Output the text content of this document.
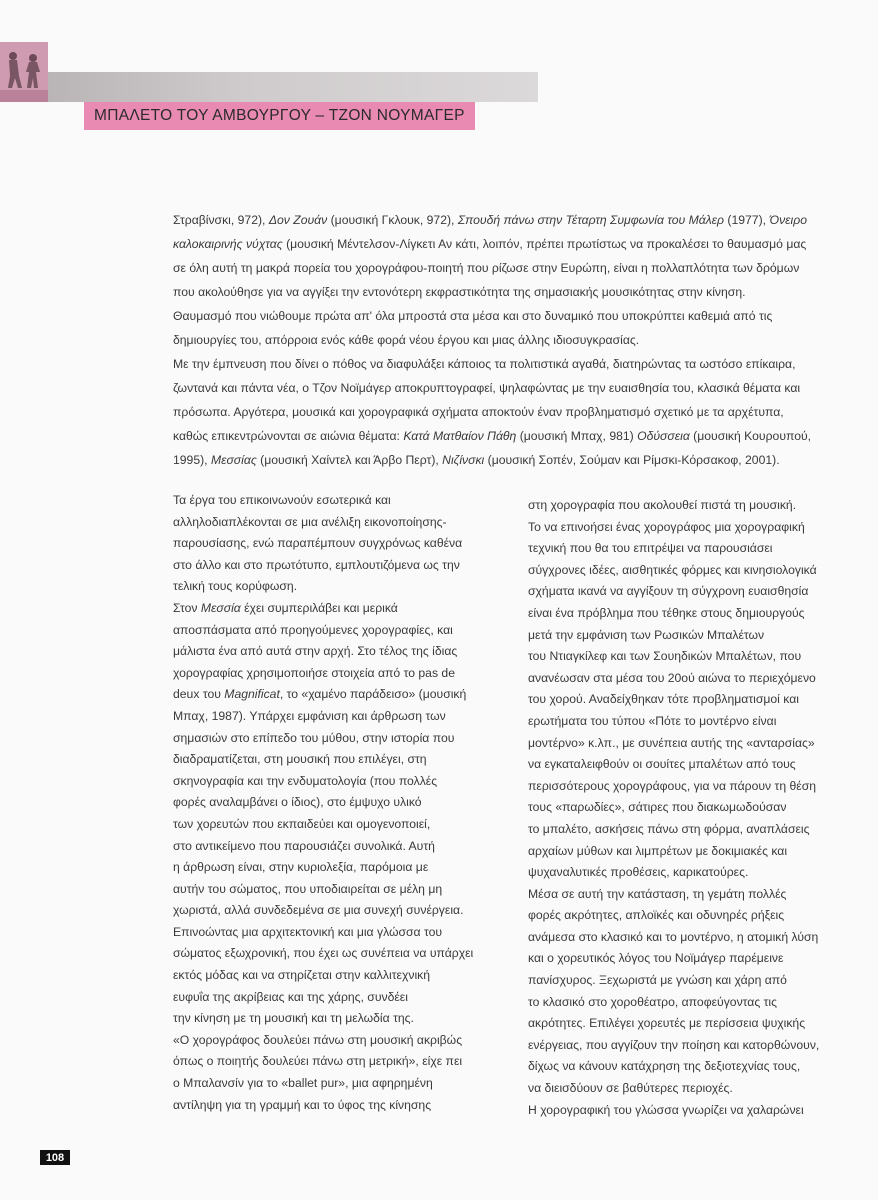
ΜΠΑΛΕΤΟ ΤΟΥ ΑΜΒΟΥΡΓΟΥ – ΤΖΟΝ ΝΟΥΜΑΓΕΡ
Στραβίνσκι, 972), Δον Ζουάν (μουσική Γκλουκ, 972), Σπουδή πάνω στην Τέταρτη Συμφωνία του Μάλερ (1977), Όνειρο
καλοκαιρινής νύχτας (μουσική Μέντελσον-Λίγκετι Αν κάτι, λοιπόν, πρέπει πρωτίστως να προκαλέσει το θαυμασμό μας
σε όλη αυτή τη μακρά πορεία του χορογράφου-ποιητή που ρίζωσε στην Ευρώπη, είναι η πολλαπλότητα των δρόμων
που ακολούθησε για να αγγίξει την εντονότερη εκφραστικότητα της σημασιακής μουσικότητας στην κίνηση.
Θαυμασμό που νιώθουμε πρώτα απ' όλα μπροστά στα μέσα και στο δυναμικό που υποκρύπτει καθεμιά από τις
δημιουργίες του, απόρροια ενός κάθε φορά νέου έργου και μιας άλλης ιδιοσυγκρασίας.
Με την έμπνευση που δίνει ο πόθος να διαφυλάξει κάποιος τα πολιτιστικά αγαθά, διατηρώντας τα ωστόσο επίκαιρα,
ζωντανά και πάντα νέα, ο Τζον Νοϊμάγερ αποκρυπτογραφεί, ψηλαφώντας με την ευαισθησία του, κλασικά θέματα και
πρόσωπα. Αργότερα, μουσικά και χορογραφικά σχήματα αποκτούν έναν προβληματισμό σχετικό με τα αρχέτυπα,
καθώς επικεντρώνονται σε αιώνια θέματα: Κατά Ματθαίον Πάθη (μουσική Μπαχ, 981) Οδύσσεια (μουσική Κουρουπού,
1995), Μεσσίας (μουσική Χαίντελ και Άρβο Περτ), Νιζίνσκι (μουσική Σοπέν, Σούμαν και Ρίμσκι-Κόρσακοφ, 2001).
Τα έργα του επικοινωνούν εσωτερικά και
αλληλοδιαπλέκονται σε μια ανέλιξη εικονοποίησης-
παρουσίασης, ενώ παραπέμπουν συγχρόνως καθένα
στο άλλο και στο πρωτότυπο, εμπλουτιζόμενα ως την
τελική τους κορύφωση.
Στον Μεσσία έχει συμπεριλάβει και μερικά
αποσπάσματα από προηγούμενες χορογραφίες, και
μάλιστα ένα από αυτά στην αρχή. Στο τέλος της ίδιας
χορογραφίας χρησιμοποιήσε στοιχεία από το pas de
deux του Magnificat, το «χαμένο παράδεισο» (μουσική
Μπαχ, 1987). Υπάρχει εμφάνιση και άρθρωση των
σημασιών στο επίπεδο του μύθου, στην ιστορία που
διαδραματίζεται, στη μουσική που επιλέγει, στη
σκηνογραφία και την ενδυματολογία (που πολλές
φορές αναλαμβάνει ο ίδιος), στο έμψυχο υλικό
των χορευτών που εκπαιδεύει και ομογενοποιεί,
στο αντικείμενο που παρουσιάζει συνολικά. Αυτή
η άρθρωση είναι, στην κυριολεξία, παρόμοια με
αυτήν του σώματος, που υποδιαιρείται σε μέλη μη
χωριστά, αλλά συνδεδεμένα σε μια συνεχή συνέργεια.
Επινοώντας μια αρχιτεκτονική και μια γλώσσα του
σώματος εξωχρονική, που έχει ως συνέπεια να υπάρχει
εκτός μόδας και να στηρίζεται στην καλλιτεχνική
ευφυΐα της ακρίβειας και της χάρης, συνδέει
την κίνηση με τη μουσική και τη μελωδία της.
«Ο χορογράφος δουλεύει πάνω στη μουσική ακριβώς
όπως ο ποιητής δουλεύει πάνω στη μετρική», είχε πει
ο Μπαλανσίν για το «ballet pur», μια αφηρημένη
αντίληψη για τη γραμμή και το ύφος της κίνησης
στη χορογραφία που ακολουθεί πιστά τη μουσική.
Το να επινοήσει ένας χορογράφος μια χορογραφική
τεχνική που θα του επιτρέψει να παρουσιάσει
σύγχρονες ιδέες, αισθητικές φόρμες και κινησιολογικά
σχήματα ικανά να αγγίξουν τη σύγχρονη ευαισθησία
είναι ένα πρόβλημα που τέθηκε στους δημιουργούς
μετά την εμφάνιση των Ρωσικών Μπαλέτων
του Ντιαγκίλεφ και των Σουηδικών Μπαλέτων, που
ανανέωσαν στα μέσα του 20ού αιώνα το περιεχόμενο
του χορού. Αναδείχθηκαν τότε προβληματισμοί και
ερωτήματα του τύπου «Πότε το μοντέρνο είναι
μοντέρνο» κ.λπ., με συνέπεια αυτής της «ανταρσίας»
να εγκαταλειφθούν οι σουίτες μπαλέτων από τους
περισσότερους χορογράφους, για να πάρουν τη θέση
τους «παρωδίες», σάτιρες που διακωμωδούσαν
το μπαλέτο, ασκήσεις πάνω στη φόρμα, αναπλάσεις
αρχαίων μύθων και λιμπρέτων με δοκιμιακές και
ψυχαναλυτικές προθέσεις, καρικατούρες.
Μέσα σε αυτή την κατάσταση, τη γεμάτη πολλές
φορές ακρότητες, απλοϊκές και οδυνηρές ρήξεις
ανάμεσα στο κλασικό και το μοντέρνο, η ατομική λύση
και ο χορευτικός λόγος του Νοϊμάγερ παρέμεινε
πανίσχυρος. Ξεχωριστά με γνώση και χάρη από
το κλασικό στο χοροθέατρο, αποφεύγοντας τις
ακρότητες. Επιλέγει χορευτές με περίσσεια ψυχικής
ενέργειας, που αγγίζουν την ποίηση και κατορθώνουν,
δίχως να κάνουν κατάχρηση της δεξιοτεχνίας τους,
να διεισδύουν σε βαθύτερες περιοχές.
Η χορογραφική του γλώσσα γνωρίζει να χαλαρώνει
108
